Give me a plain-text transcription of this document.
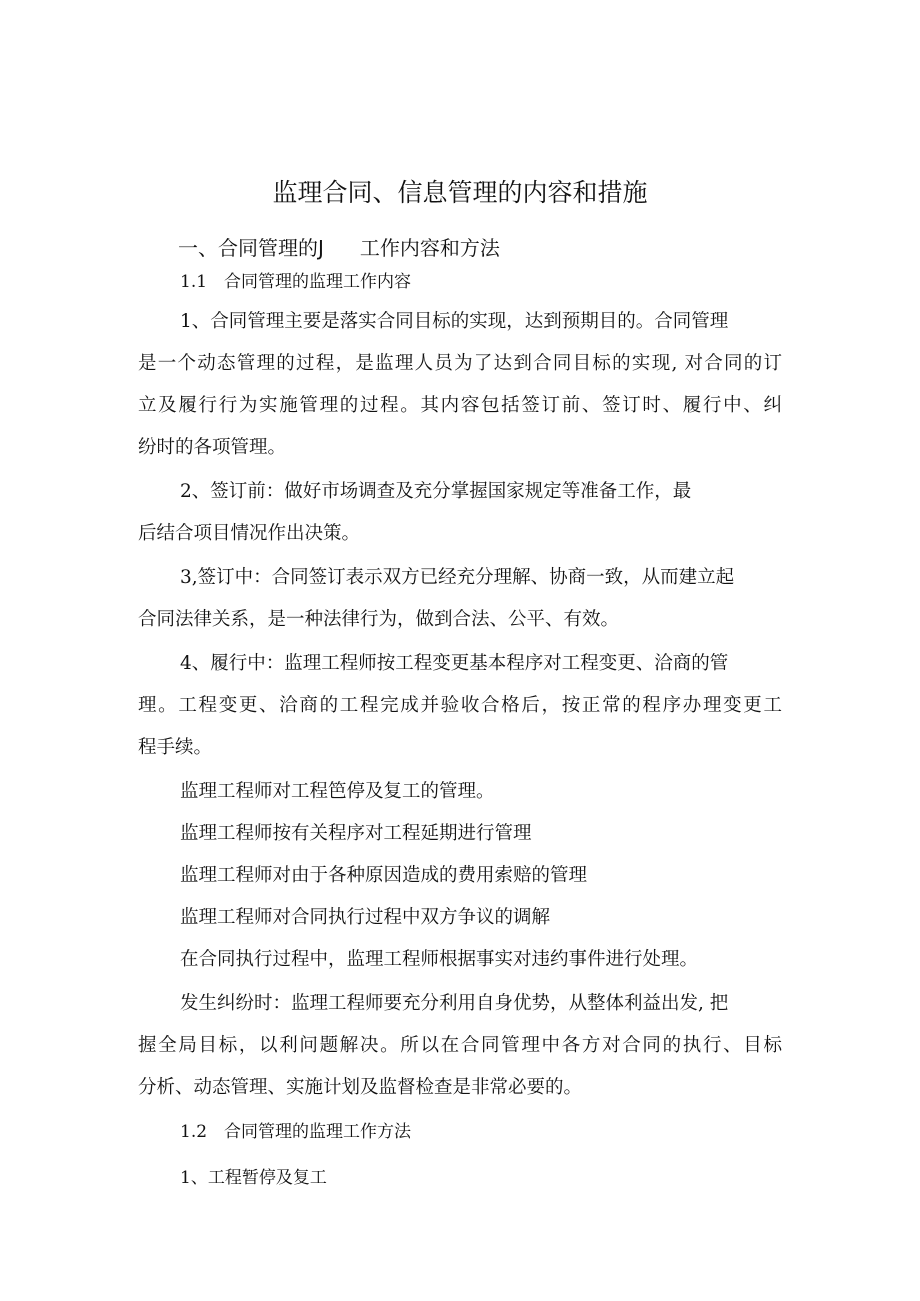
监理合同、信息管理的内容和措施
一、合同管理的J 工作内容和方法
1.1 合同管理的监理工作内容
1、合同管理主要是落实合同目标的实现，达到预期目的。合同管理
是一个动态管理的过程，是监理人员为了达到合同目标的实现, 对合同的订
立及履行行为实施管理的过程。其内容包括签订前、签订时、履行中、纠
纷时的各项管理。
2、签订前：做好市场调查及充分掌握国家规定等准备工作，最
后结合项目情况作出决策。
3,签订中：合同签订表示双方已经充分理解、协商一致，从而建立起
合同法律关系，是一种法律行为，做到合法、公平、有效。
4、履行中：监理工程师按工程变更基本程序对工程变更、洽商的管
理。工程变更、洽商的工程完成并验收合格后，按正常的程序办理变更工
程手续。
监理工程师对工程笆停及复工的管理。
监理工程师按有关程序对工程延期进行管理
监理工程师对由于各种原因造成的费用索赔的管理
监理工程师对合同执行过程中双方争议的调解
在合同执行过程中，监理工程师根据事实对违约事件进行处理。
发生纠纷时：监理工程师要充分利用自身优势，从整体利益出发, 把
握全局目标，以利问题解决。所以在合同管理中各方对合同的执行、目标
分析、动态管理、实施计划及监督检查是非常必要的。
1.2 合同管理的监理工作方法
1、工程暂停及复工
